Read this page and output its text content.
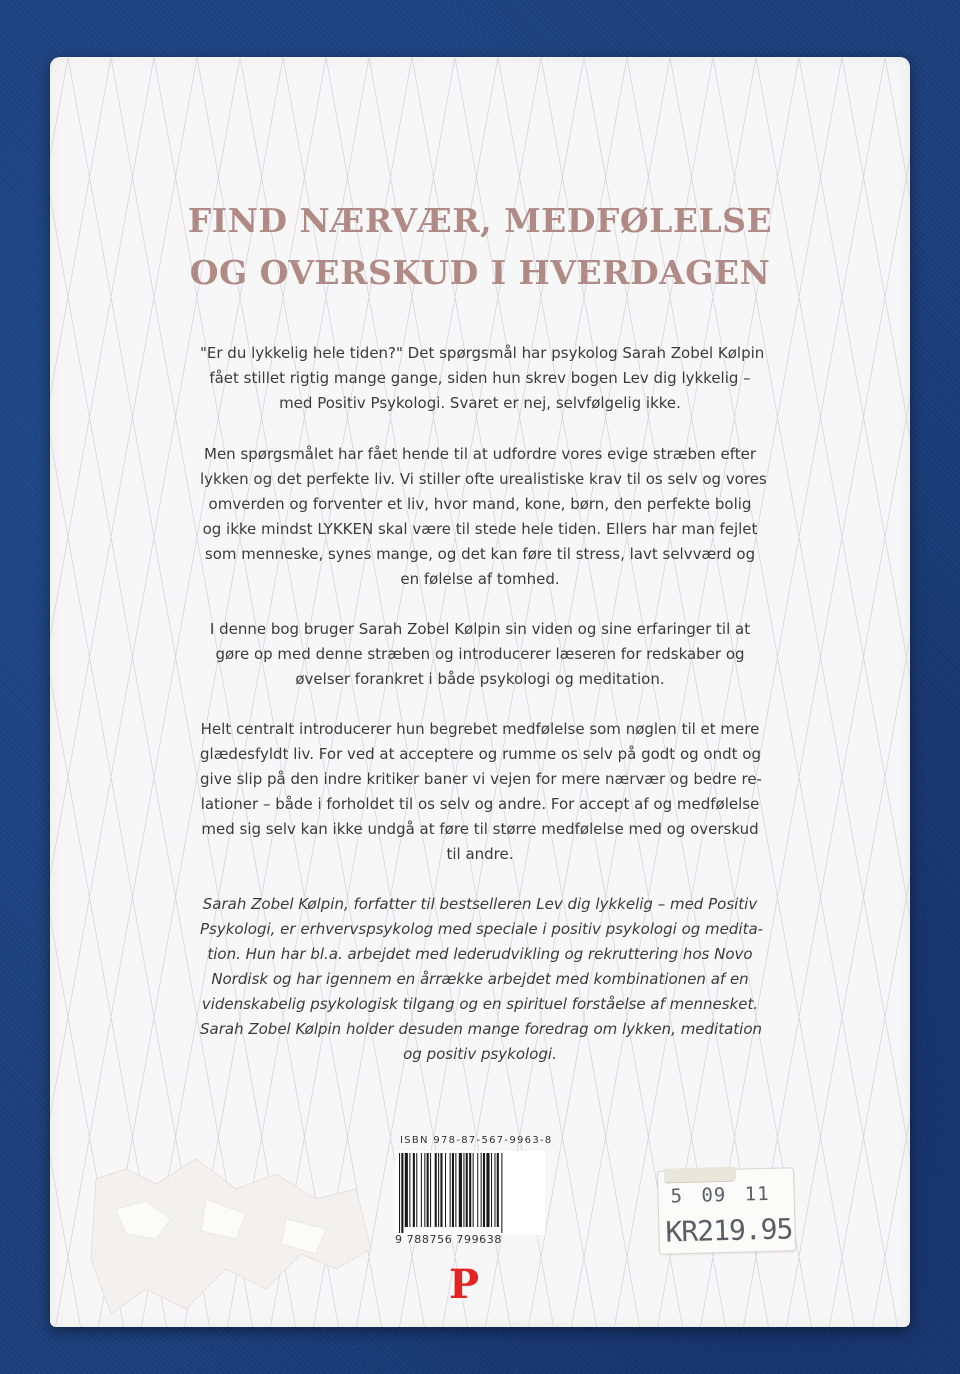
FIND NÆRVÆR, MEDFØLELSE
OG OVERSKUD I HVERDAGEN
"Er du lykkelig hele tiden?" Det spørgsmål har psykolog Sarah Zobel Kølpin
fået stillet rigtig mange gange, siden hun skrev bogen Lev dig lykkelig –
med Positiv Psykologi. Svaret er nej, selvfølgelig ikke.
Men spørgsmålet har fået hende til at udfordre vores evige stræben efter
lykken og det perfekte liv. Vi stiller ofte urealistiske krav til os selv og vores
omverden og forventer et liv, hvor mand, kone, børn, den perfekte bolig
og ikke mindst LYKKEN skal være til stede hele tiden. Ellers har man fejlet
som menneske, synes mange, og det kan føre til stress, lavt selvværd og
en følelse af tomhed.
I denne bog bruger Sarah Zobel Kølpin sin viden og sine erfaringer til at
gøre op med denne stræben og introducerer læseren for redskaber og
øvelser forankret i både psykologi og meditation.
Helt centralt introducerer hun begrebet medfølelse som nøglen til et mere
glædesfyldt liv. For ved at acceptere og rumme os selv på godt og ondt og
give slip på den indre kritiker baner vi vejen for mere nærvær og bedre re-
lationer – både i forholdet til os selv og andre. For accept af og medfølelse
med sig selv kan ikke undgå at føre til større medfølelse med og overskud
til andre.
Sarah Zobel Kølpin, forfatter til bestselleren Lev dig lykkelig – med Positiv
Psykologi, er erhvervspsykolog med speciale i positiv psykologi og medita-
tion. Hun har bl.a. arbejdet med lederudvikling og rekruttering hos Novo
Nordisk og har igennem en årrække arbejdet med kombinationen af en
videnskabelig psykologisk tilgang og en spirituel forståelse af mennesket.
Sarah Zobel Kølpin holder desuden mange foredrag om lykken, meditation
og positiv psykologi.
ISBN 978-87-567-9963-8
9 788756 799638
P
5 09 11
KR219.95
